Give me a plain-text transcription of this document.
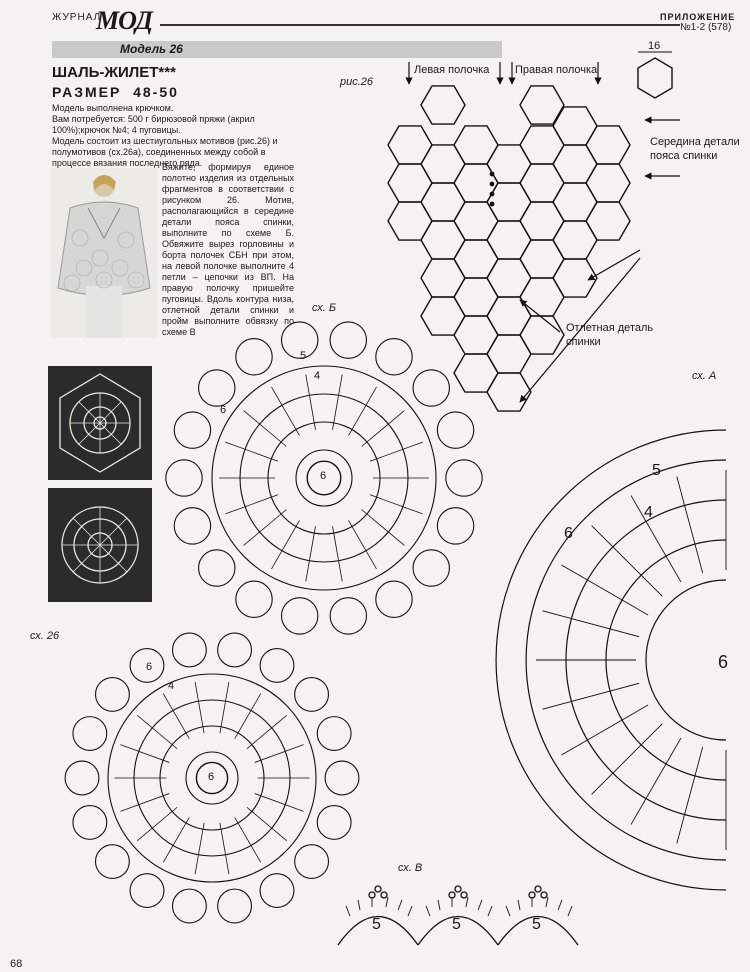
ЖУРНАЛ
МОД	ПРИЛОЖЕНИЕ
№1-2 (578)
Модель 26
ШАЛЬ-ЖИЛЕТ***
РАЗМЕР 48-50
Модель выполнена крючком.
Вам потребуется: 500 г бирюзовой пряжи (акрил 100%);крючок №4; 4 пуговицы.
Модель состоит из шестиугольных мотивов (рис.26) и полумотивов (сх.26а), соединенных между собой в процессе вязания последнего ряда.
Вяжите, формируя единое полотно изделия из отдельных фрагментов в соответствии с рисунком 26. Мотив, располагающийся в середине детали пояса спинки, выполните по схеме Б. Обвяжите вырез горловины и борта полочек СБН при этом, на левой полочке выполните 4 петли – цепочки из ВП. На правую полочку пришейте пуговицы. Вдоль контура низа, отлетной детали спинки и пройм выполните обвязку по схеме В
рис.26
Левая полочка Правая полочка
16
Середина детали
пояса спинки
Отлетная деталь
спинки
сх. Б
сх. А
сх. 26
сх. В
6
6
6
5
4
6
6
4
6
5
4
5	5	5
68
